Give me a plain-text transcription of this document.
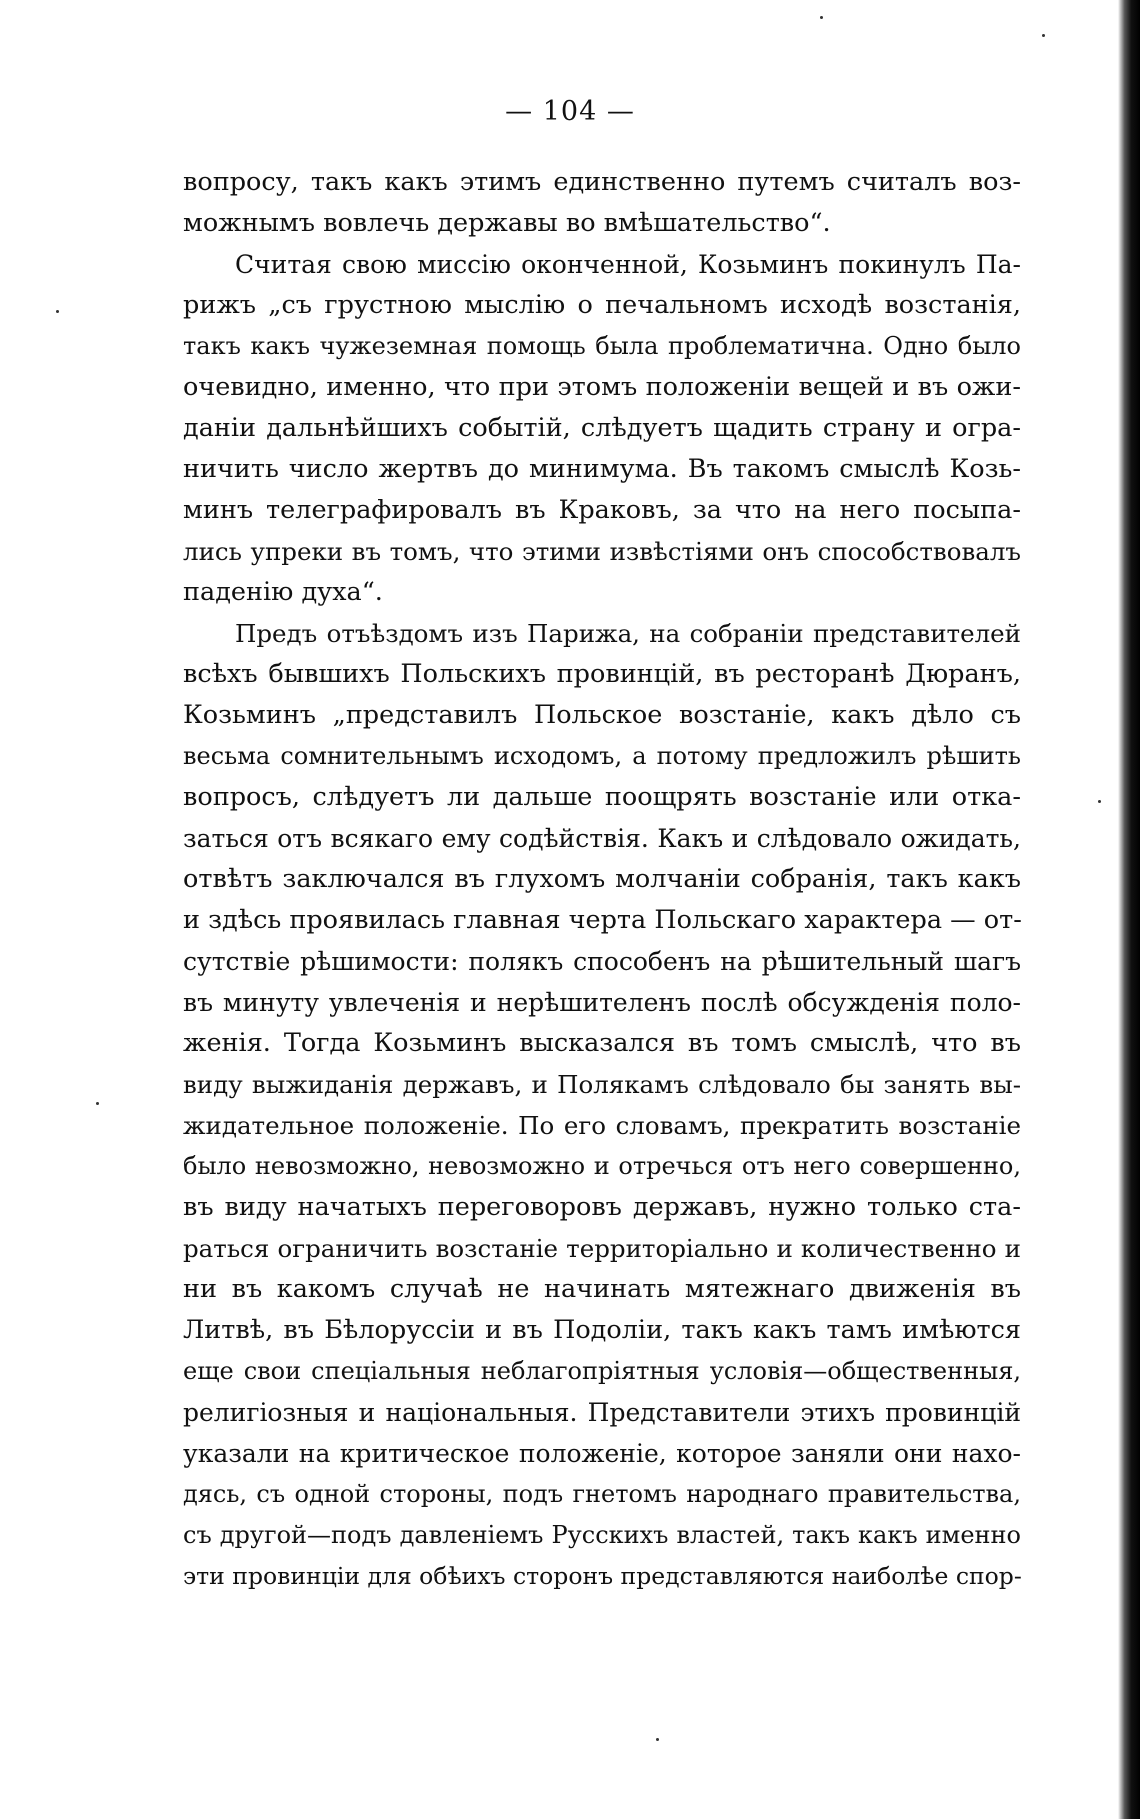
— 104 —
вопросу, такъ какъ этимъ единственно путемъ считалъ воз-
можнымъ вовлечь державы во вмѣшательство“.
Считая свою миссію оконченной, Козьминъ покинулъ Па-
рижъ „съ грустною мыслію о печальномъ исходѣ возстанія,
такъ какъ чужеземная помощь была проблематична. Одно было
очевидно, именно, что при этомъ положеніи вещей и въ ожи-
даніи дальнѣйшихъ событій, слѣдуетъ щадить страну и огра-
ничить число жертвъ до минимума. Въ такомъ смыслѣ Козь-
минъ телеграфировалъ въ Краковъ, за что на него посыпа-
лись упреки въ томъ, что этими извѣстіями онъ способствовалъ
паденію духа“.
Предъ отъѣздомъ изъ Парижа, на собраніи представителей
всѣхъ бывшихъ Польскихъ провинцій, въ ресторанѣ Дюранъ,
Козьминъ „представилъ Польское возстаніе, какъ дѣло съ
весьма сомнительнымъ исходомъ, а потому предложилъ рѣшить
вопросъ, слѣдуетъ ли дальше поощрять возстаніе или отка-
заться отъ всякаго ему содѣйствія. Какъ и слѣдовало ожидать,
отвѣтъ заключался въ глухомъ молчаніи собранія, такъ какъ
и здѣсь проявилась главная черта Польскаго характера — от-
сутствіе рѣшимости: полякъ способенъ на рѣшительный шагъ
въ минуту увлеченія и нерѣшителенъ послѣ обсужденія поло-
женія. Тогда Козьминъ высказался въ томъ смыслѣ, что въ
виду выжиданія державъ, и Полякамъ слѣдовало бы занять вы-
жидательное положеніе. По его словамъ, прекратить возстаніе
было невозможно, невозможно и отречься отъ него совершенно,
въ виду начатыхъ переговоровъ державъ, нужно только ста-
раться ограничить возстаніе территоріально и количественно и
ни въ какомъ случаѣ не начинать мятежнаго движенія въ
Литвѣ, въ Бѣлоруссіи и въ Подоліи, такъ какъ тамъ имѣются
еще свои спеціальныя неблагопріятныя условія—общественныя,
религіозныя и національныя. Представители этихъ провинцій
указали на критическое положеніе, которое заняли они нахо-
дясь, съ одной стороны, подъ гнетомъ народнаго правительства,
съ другой—подъ давленіемъ Русскихъ властей, такъ какъ именно
эти провинціи для обѣихъ сторонъ представляются наиболѣе спор-
